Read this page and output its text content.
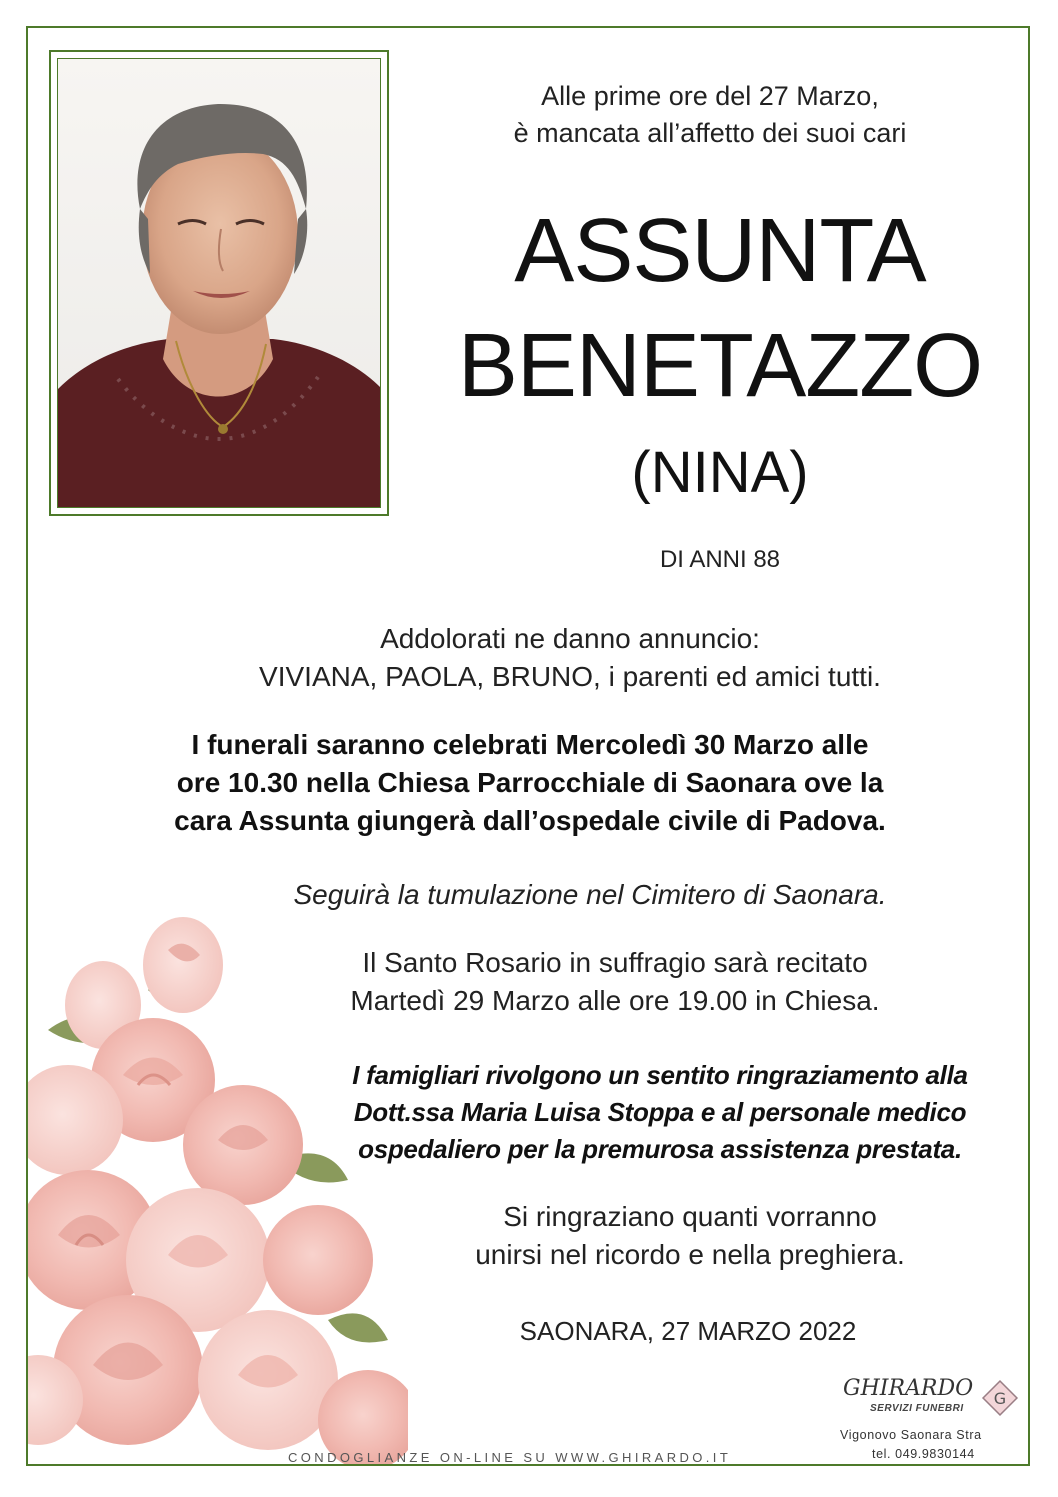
Alle prime ore del 27 Marzo,
è mancata all’affetto dei suoi cari
ASSUNTA
BENETAZZO
(NINA)
DI ANNI 88
Addolorati ne danno annuncio:
VIVIANA, PAOLA, BRUNO, i parenti ed amici tutti.
I funerali saranno celebrati Mercoledì 30 Marzo alle
ore 10.30 nella Chiesa Parrocchiale di Saonara ove la
cara Assunta giungerà dall’ospedale civile di Padova.
Seguirà la tumulazione nel Cimitero di Saonara.
Il Santo Rosario in suffragio sarà recitato
Martedì 29 Marzo alle ore 19.00 in Chiesa.
I famigliari rivolgono un sentito ringraziamento alla
Dott.ssa Maria Luisa Stoppa e al personale medico
ospedaliero per la premurosa assistenza prestata.
Si ringraziano quanti vorranno
unirsi nel ricordo e nella preghiera.
SAONARA, 27 MARZO 2022
GHIRARDO
SERVIZI FUNEBRI
G
Vigonovo Saonara Stra
tel. 049.9830144
CONDOGLIANZE ON-LINE SU WWW.GHIRARDO.IT
